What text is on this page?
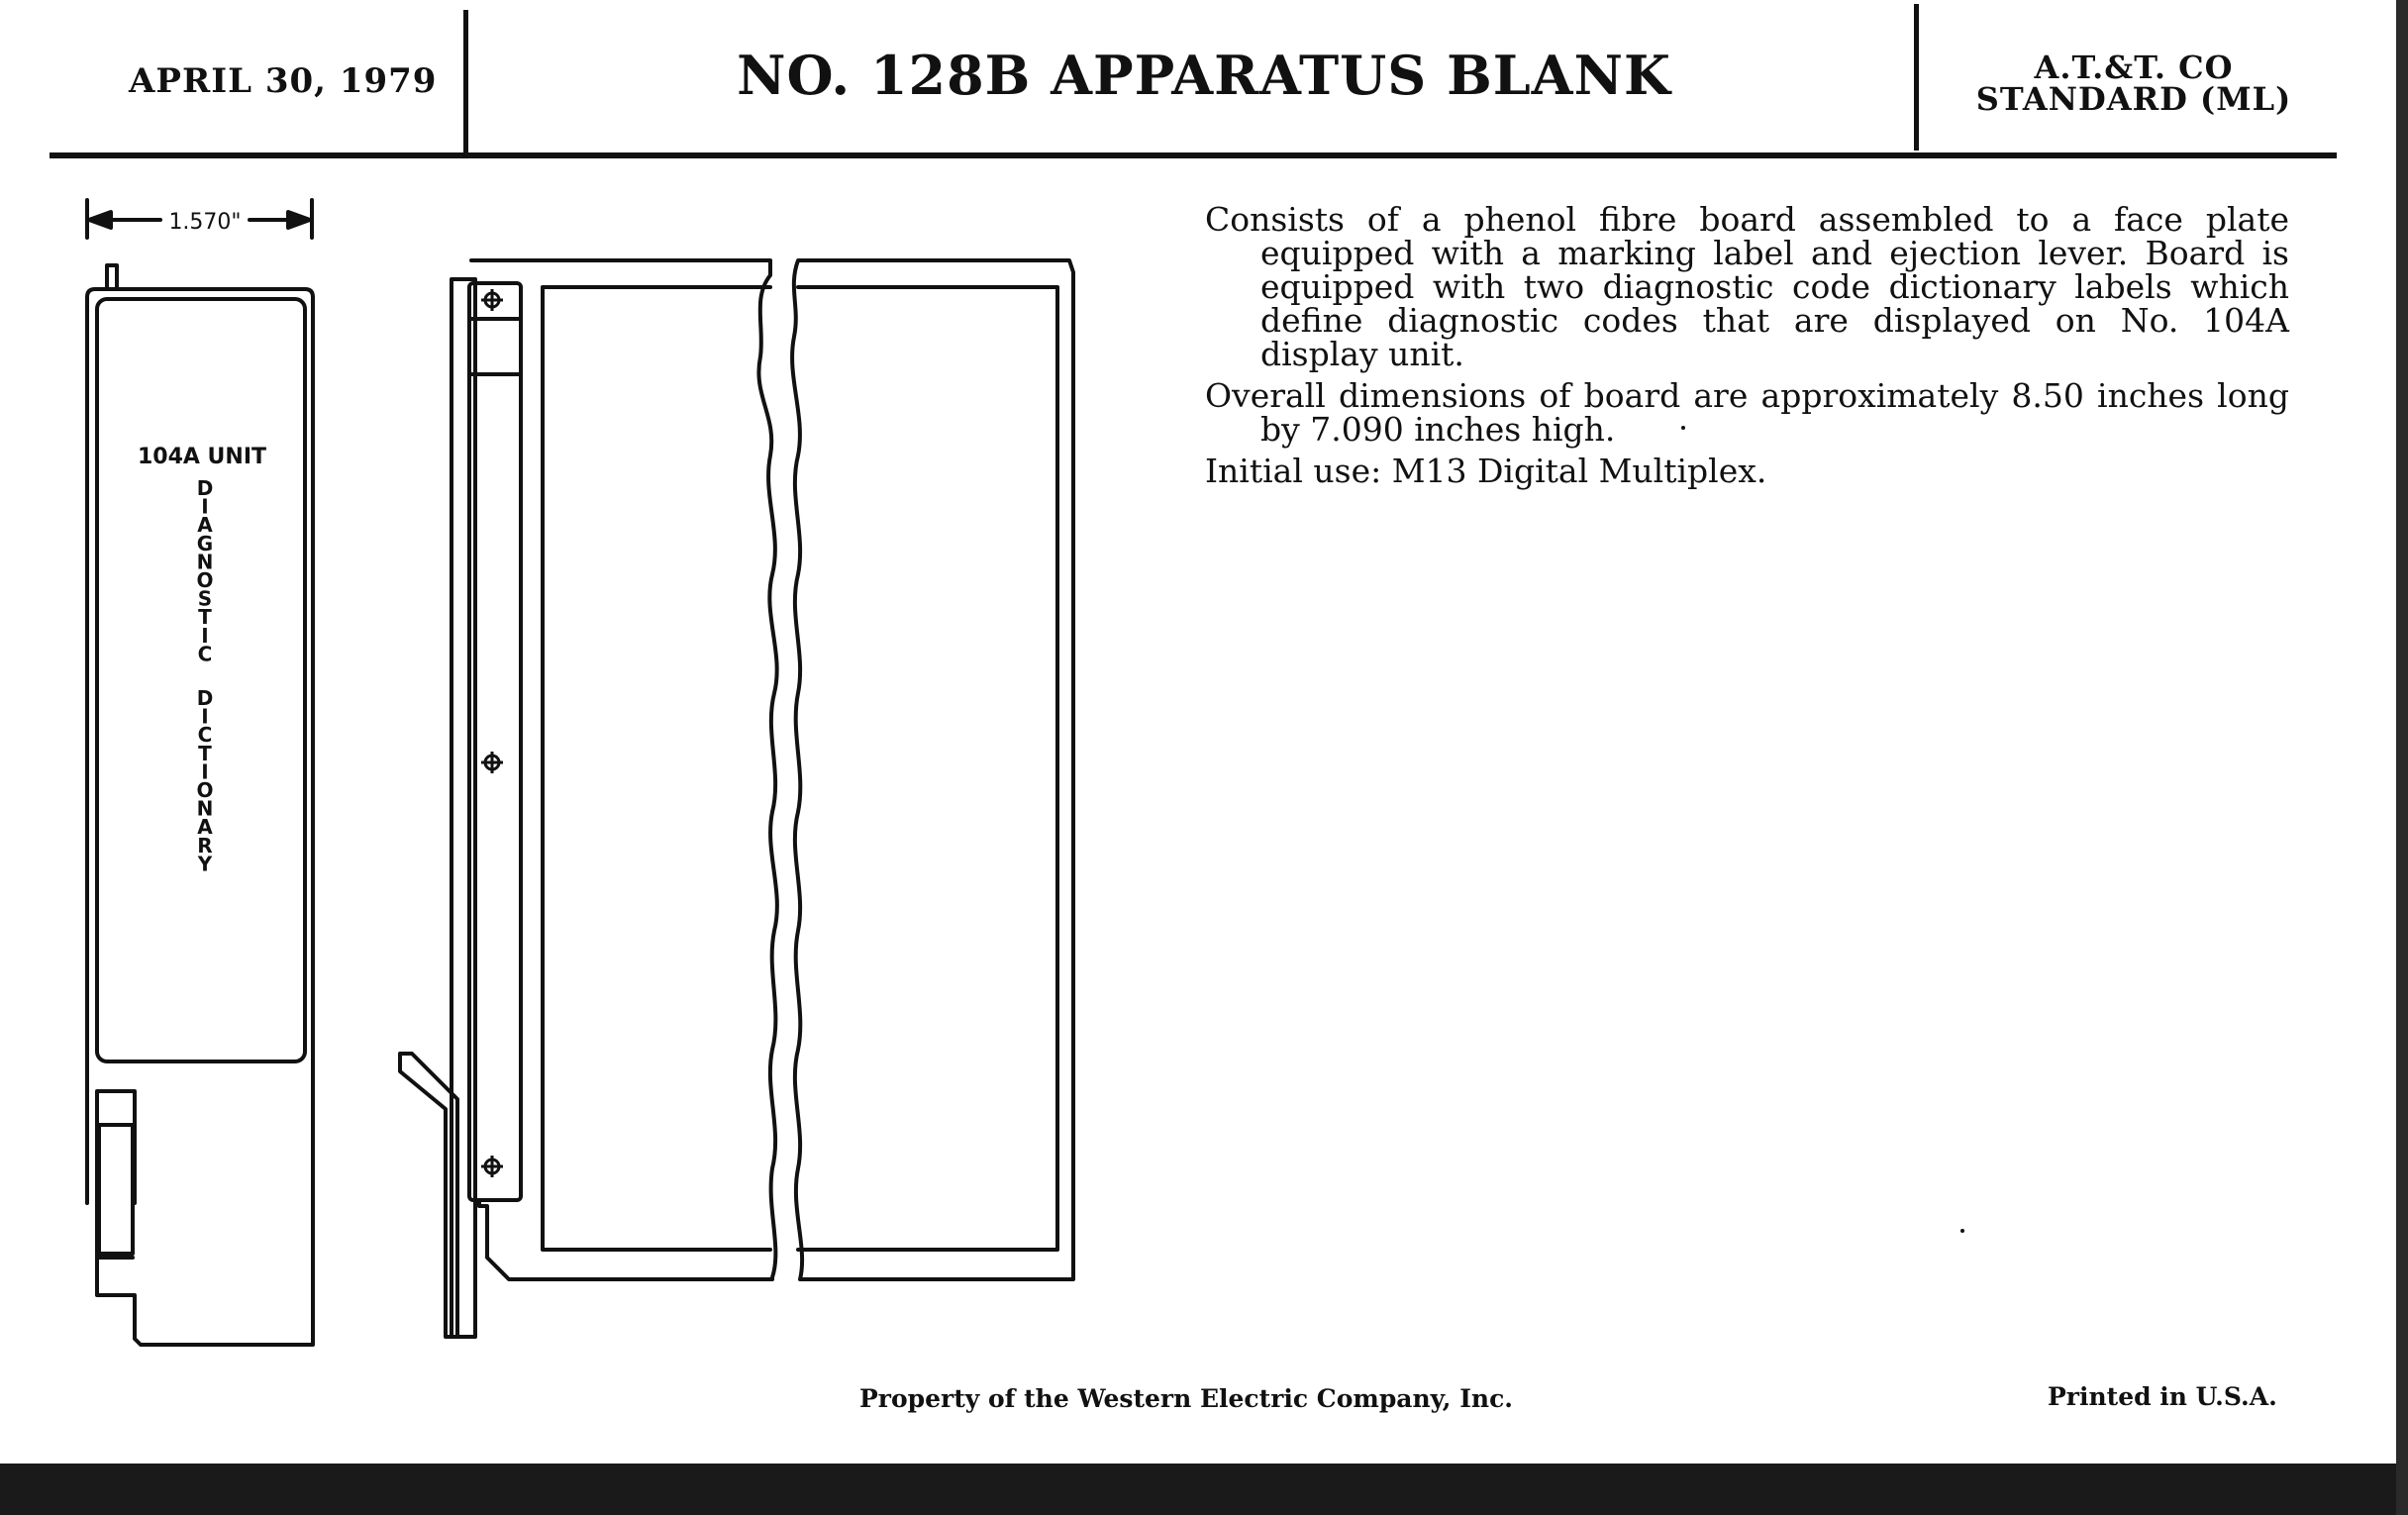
APRIL 30, 1979	NO. 128B APPARATUS BLANK	A.T.&T. CO
STANDARD (ML)
1.570"
104A UNIT
D
I
A
G
N
O
S
T
I
C
D
I
C
T
I
O
N
A
R
Y

Consists of a phenol fibre board assembled to a face plate equipped with a marking label and ejection lever. Board is equipped with two diagnostic code dictionary labels which define diagnostic codes that are displayed on No. 104A display unit.

Overall dimensions of board are approximately 8.50 inches long by 7.090 inches high.

Initial use: M13 Digital Multiplex.

Property of the Western Electric Company, Inc.	Printed in U.S.A.
